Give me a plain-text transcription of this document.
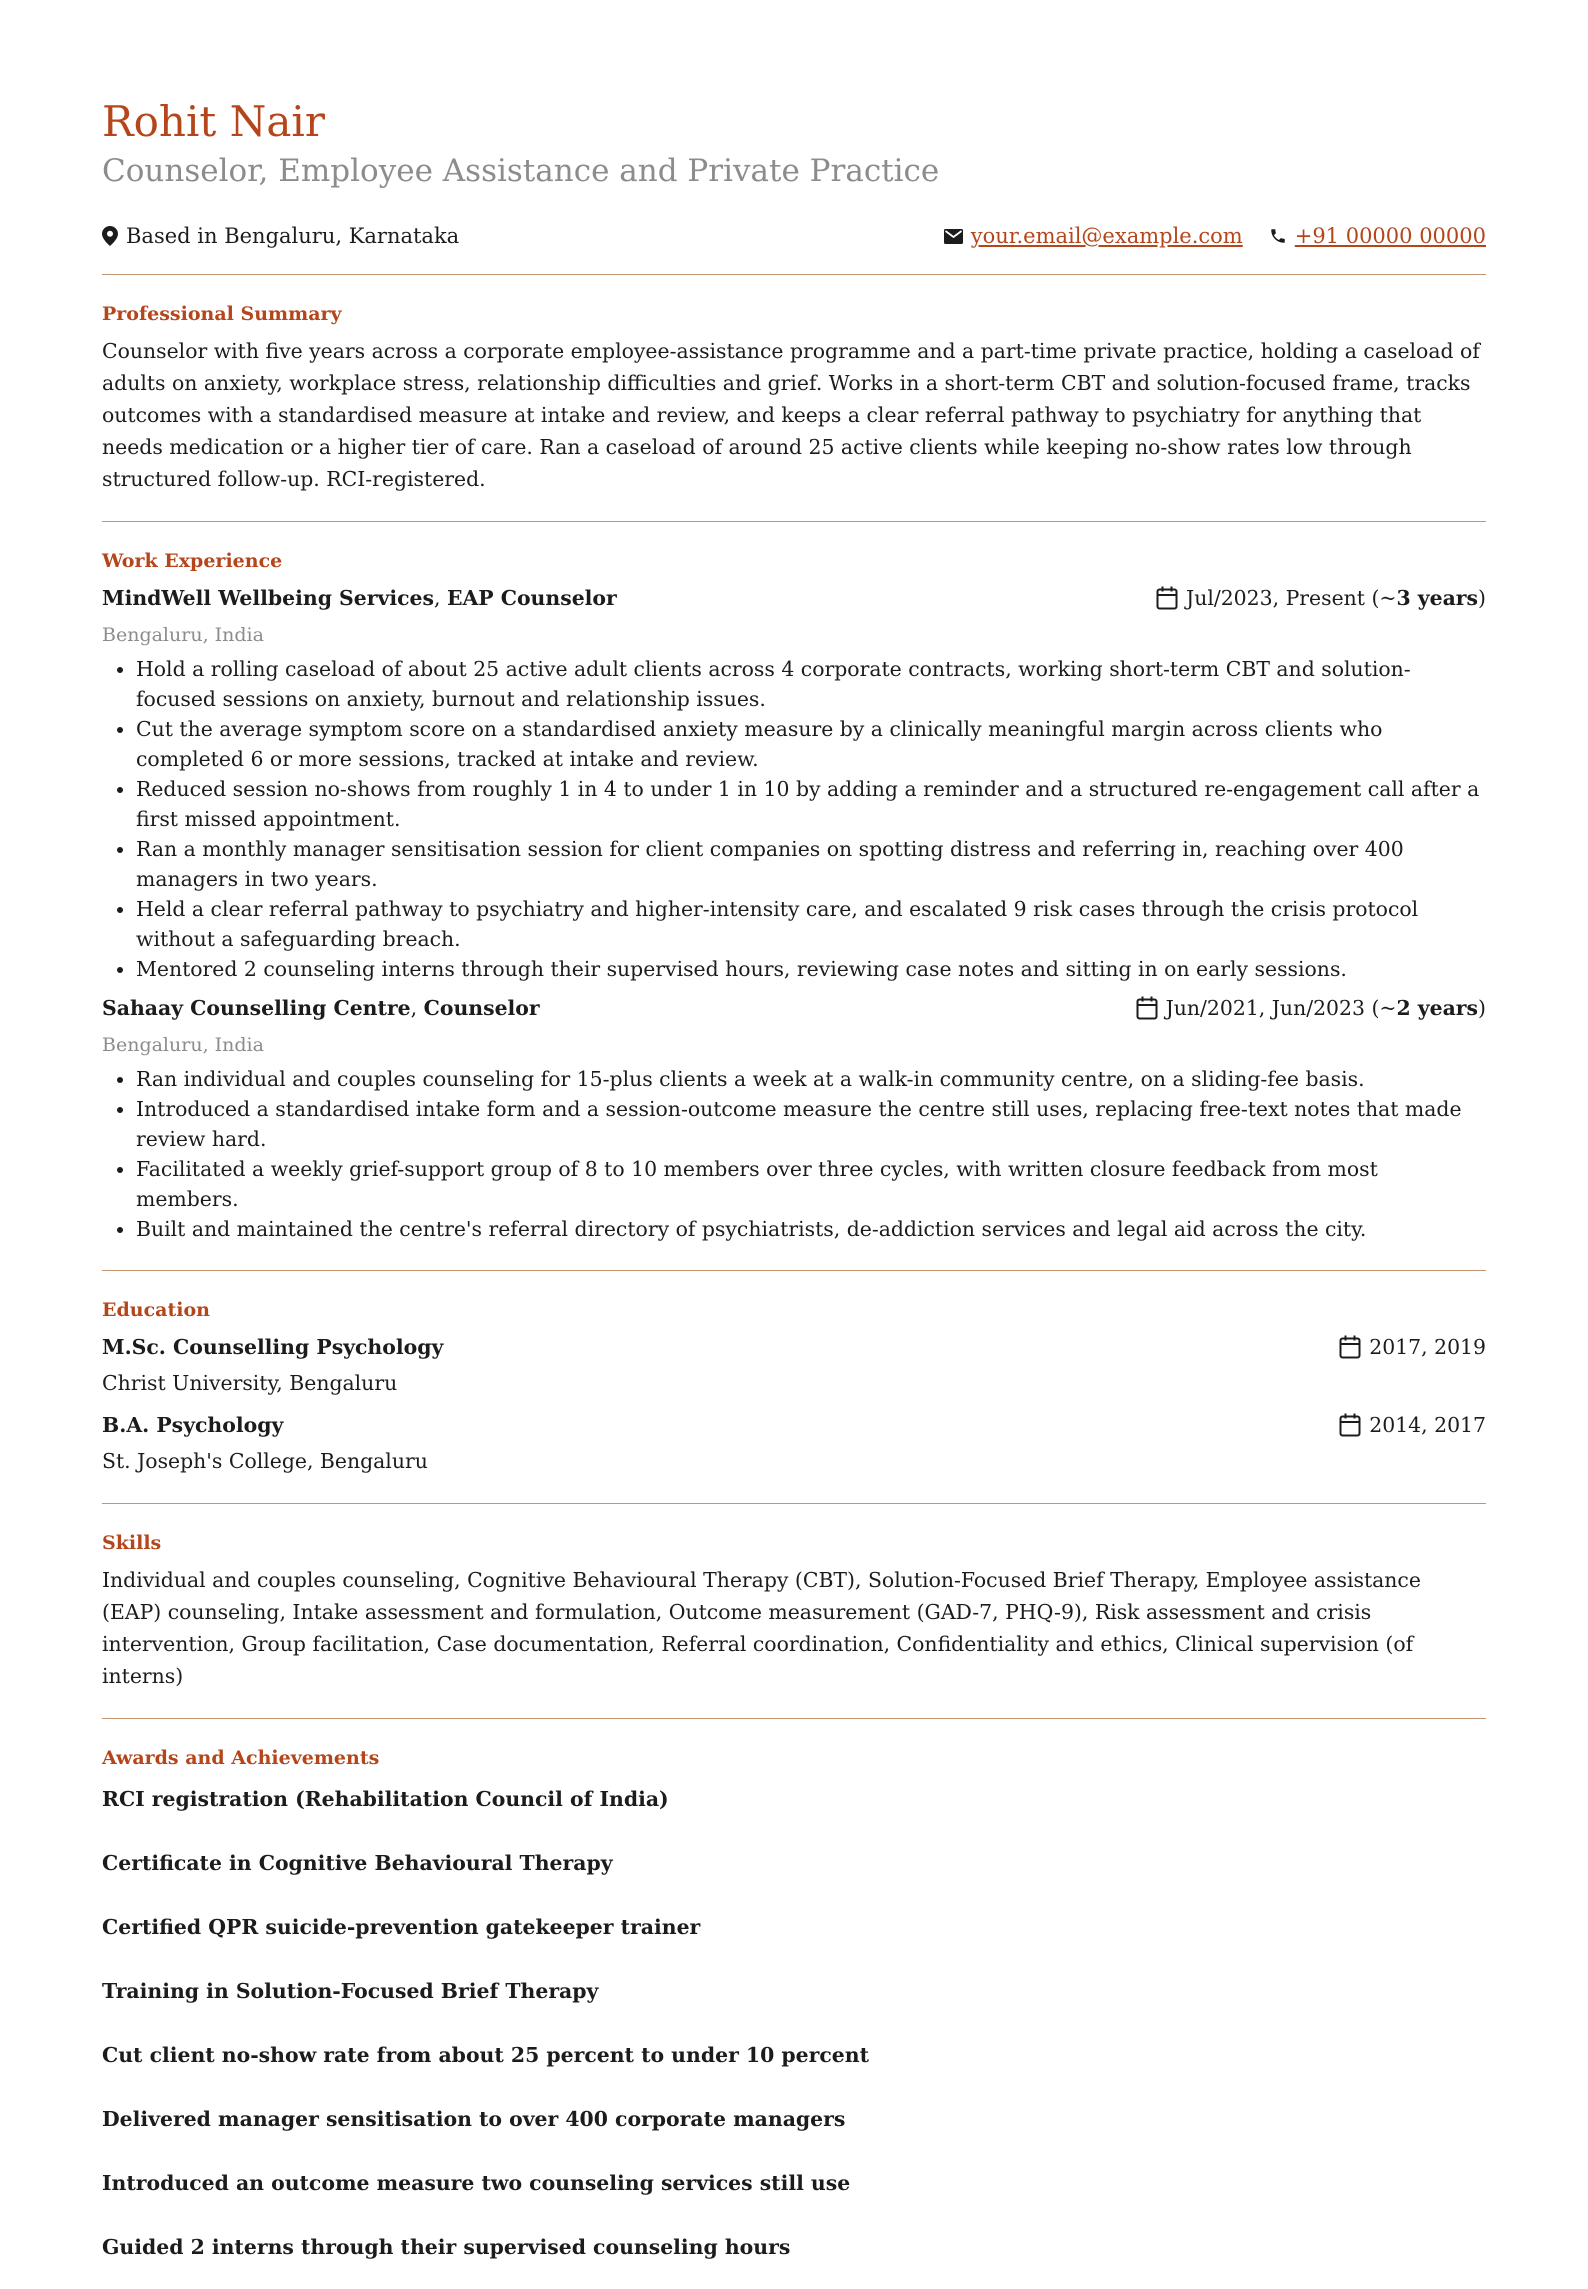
Rohit Nair
Counselor, Employee Assistance and Private Practice
Based in Bengaluru, Karnataka	your.email@example.com +91 00000 00000
Professional Summary

Counselor with five years across a corporate employee-assistance programme and a part-time private practice, holding a caseload of adults on anxiety, workplace stress, relationship difficulties and grief. Works in a short-term CBT and solution-focused frame, tracks outcomes with a standardised measure at intake and review, and keeps a clear referral pathway to psychiatry for anything that needs medication or a higher tier of care. Ran a caseload of around 25 active clients while keeping no-show rates low through structured follow-up. RCI-registered.

Work Experience
MindWell Wellbeing Services, EAP Counselor	Jul/2023, Present (~ 3 years )
Bengaluru, India
• Hold a rolling caseload of about 25 active adult clients across 4 corporate contracts, working short-term CBT and solution-focused sessions on anxiety, burnout and relationship issues.
• Cut the average symptom score on a standardised anxiety measure by a clinically meaningful margin across clients who completed 6 or more sessions, tracked at intake and review.
• Reduced session no-shows from roughly 1 in 4 to under 1 in 10 by adding a reminder and a structured re-engagement call after a first missed appointment.
• Ran a monthly manager sensitisation session for client companies on spotting distress and referring in, reaching over 400 managers in two years.
• Held a clear referral pathway to psychiatry and higher-intensity care, and escalated 9 risk cases through the crisis protocol without a safeguarding breach.
• Mentored 2 counseling interns through their supervised hours, reviewing case notes and sitting in on early sessions.
Sahaay Counselling Centre, Counselor	Jun/2021, Jun/2023 (~ 2 years )
Bengaluru, India
• Ran individual and couples counseling for 15-plus clients a week at a walk-in community centre, on a sliding-fee basis.
• Introduced a standardised intake form and a session-outcome measure the centre still uses, replacing free-text notes that made review hard.
• Facilitated a weekly grief-support group of 8 to 10 members over three cycles, with written closure feedback from most members.
• Built and maintained the centre's referral directory of psychiatrists, de-addiction services and legal aid across the city.
Education
M.Sc. Counselling Psychology	2017, 2019
Christ University, Bengaluru
B.A. Psychology	2014, 2017
St. Joseph's College, Bengaluru
Skills

Individual and couples counseling, Cognitive Behavioural Therapy (CBT), Solution-Focused Brief Therapy, Employee assistance (EAP) counseling, Intake assessment and formulation, Outcome measurement (GAD-7, PHQ-9), Risk assessment and crisis intervention, Group facilitation, Case documentation, Referral coordination, Confidentiality and ethics, Clinical supervision (of interns)

Awards and Achievements
RCI registration (Rehabilitation Council of India)
Certificate in Cognitive Behavioural Therapy
Certified QPR suicide-prevention gatekeeper trainer
Training in Solution-Focused Brief Therapy
Cut client no-show rate from about 25 percent to under 10 percent
Delivered manager sensitisation to over 400 corporate managers
Introduced an outcome measure two counseling services still use
Guided 2 interns through their supervised counseling hours
